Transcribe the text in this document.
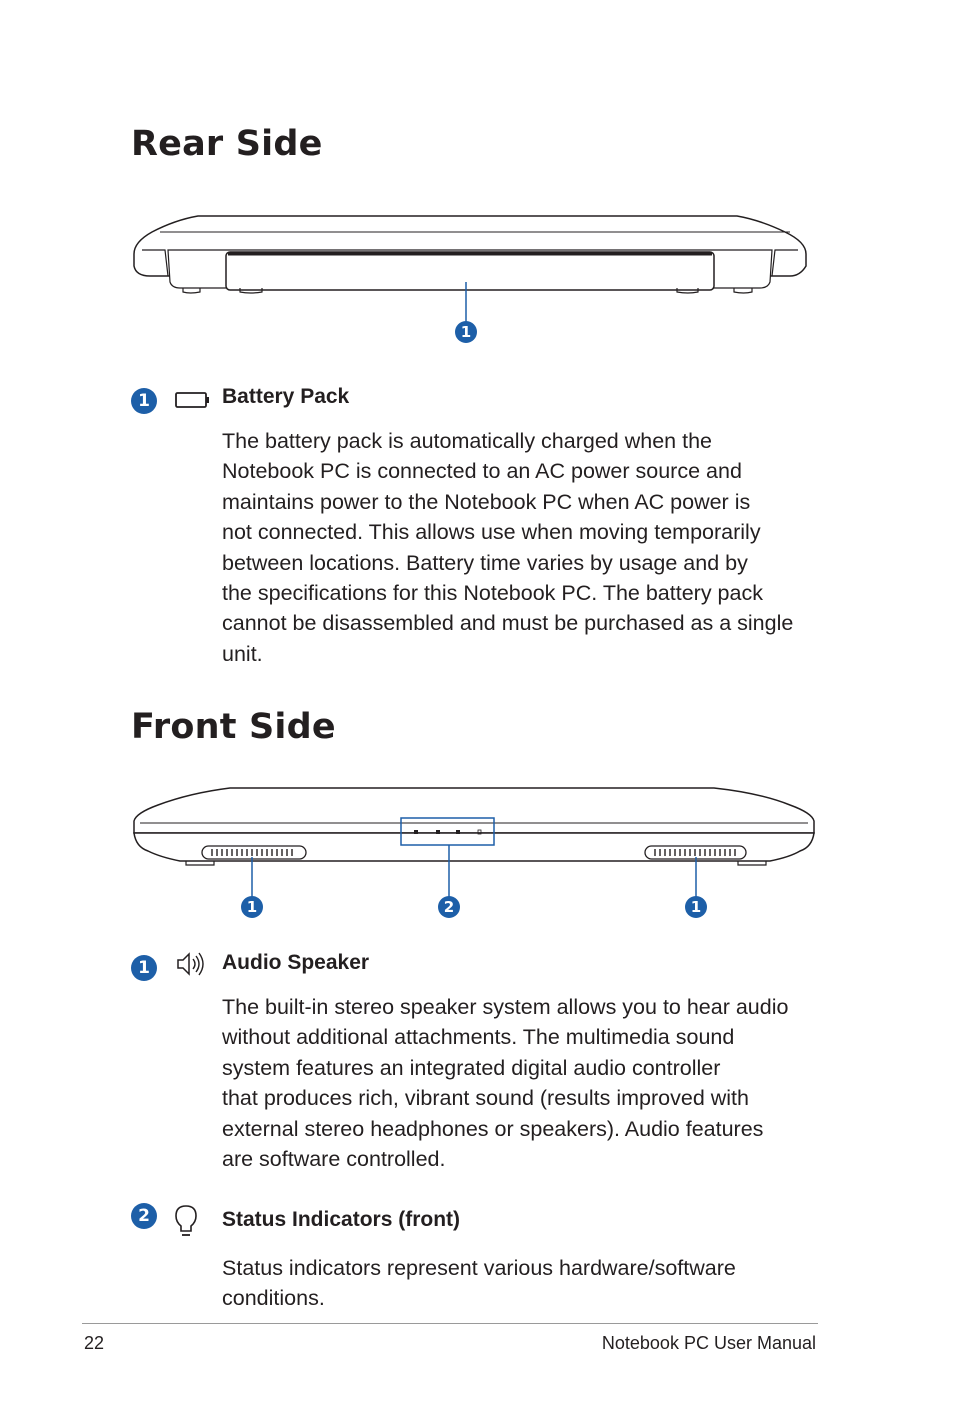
Rear Side
1
1	Battery Pack
The battery pack is automatically charged when the
Notebook PC is connected to an AC power source and
maintains power to the Notebook PC when AC power is
not connected. This allows use when moving temporarily
between locations. Battery time varies by usage and by
the specifications for this Notebook PC. The battery pack
cannot be disassembled and must be purchased as a single
unit.
Front Side
1	2	1
1	Audio Speaker
The built-in stereo speaker system allows you to hear audio
without additional attachments. The multimedia sound
system features an integrated digital audio controller
that produces rich, vibrant sound (results improved with
external stereo headphones or speakers). Audio features
are software controlled.
2	Status Indicators (front)
Status indicators represent various hardware/software
conditions.
22	Notebook PC User Manual
